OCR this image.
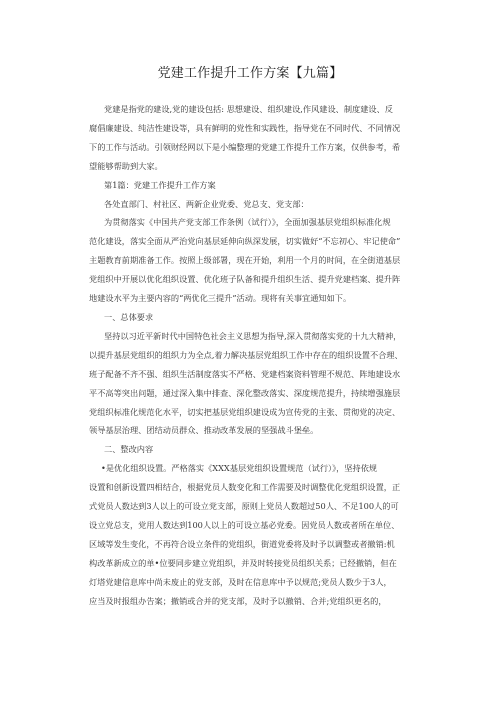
党建工作提升工作方案【九篇】

党建是指党的建设,党的建设包括: 思想建设、组织建设,作风建设、制度建设、反

腐倡廉建设、纯洁性建设等，具有鲜明的党性和实践性，指导党在不同时代、不同情况

下的工作与活动。引领财经网以下是小编整理的党建工作提升工作方案，仅供参考，希

望能够帮助到大家。

第1篇：党建工作提升工作方案

各处直部门、村社区、两新企业党委、党总支、党支部：

为贯彻落实《中国共产党支部工作条例（试行）》，全面加强基层党组织标准化规

范化建设，落实全面从严治党向基层延伸向纵深发展，切实做好“不忘初心、牢记使命”

主题教育前期准备工作。按照上级部署，现在开始，利用一个月的时间，在全街道基层

党组织中开展以优化组织设置、优化班子队备和提升组织生活、提升党建档案、提升阵

地建设水平为主要内容的“两优化三提升”活动。现将有关事宜通知如下。

一、总体要求

坚持以习近平新时代中国特色社会主义思想为指导,深入贯彻落实党的十九大精神，

以提升基层党组织的组织力为全点,着力解决基层党组织工作中存在的组织设置不合理、

班子配备不齐不强、组织生活制度落实不严格、党建档案资料管理不规范、阵地建设水

平不高等突出问题，通过深入集中排查、深化整改落实、深度规范提升，持续增强施层

党组织标准化规范化水平，切实把基层党组织建设成为宣传党的主张、贯彻党的决定、

领导基层治理、团结动员群众、推动改革发展的坚强战斗堡垒。

二、整改内容

•是优化组织设置。严格落实《XXX基层党组织设置规范（试行）》，坚持依规

设置和创新设置四相结合，根据党员人数变化和工作需要及时调整优化党组织设置，正

式党员人数达到3人以上的可设立党支部，原则上党员人数超过50人、不足100人的可

设立党总支，党用人数达到100人以上的可设立基必党委。因党员人数或者所在单位、

区域等发生变化，不再符合设立条件的党组织，街道党委将及时予以调整或者撤销:机

构改革新成立的单•位要同步建立党组织，并及时转接党员组织关系；已经撤销，但在

灯塔党建信息库中尚未废止的党支部，及时在信息库中予以规范;党员人数少于3人，

应当及时报组办告案；撤销或合并的党支部，及时予以撤销、合并;党组织更名的，
